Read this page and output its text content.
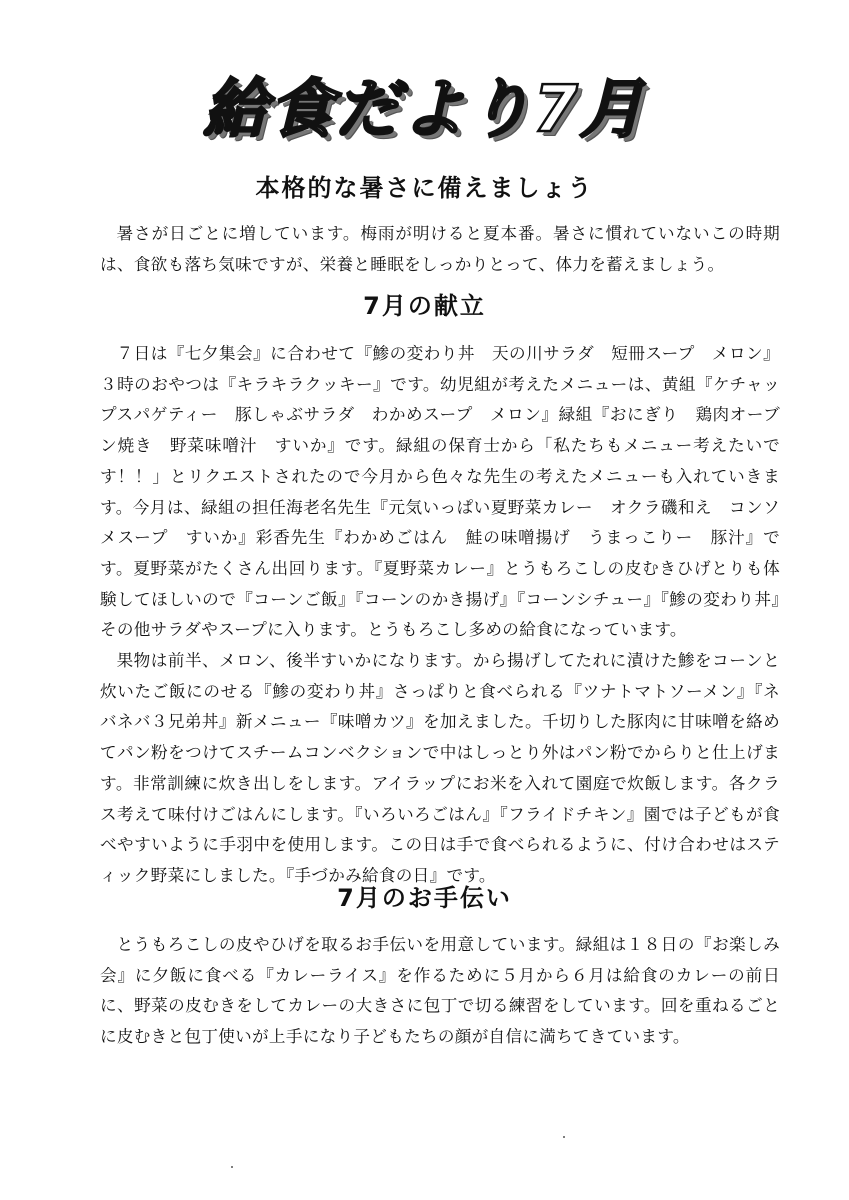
給食だより7月
本格的な暑さに備えましょう

暑さが日ごとに増しています。梅雨が明けると夏本番。暑さに慣れていないこの時期は、食欲も落ち気味ですが、栄養と睡眠をしっかりとって、体力を蓄えましょう。

7月の献立

７日は『七夕集会』に合わせて『鯵の変わり丼　天の川サラダ　短冊スープ　メロン』３時のおやつは『キラキラクッキー』です。幼児組が考えたメニューは、黄組『ケチャップスパゲティー　豚しゃぶサラダ　わかめスープ　メロン』緑組『おにぎり　鶏肉オーブン焼き　野菜味噌汁　すいか』です。緑組の保育士から「私たちもメニュー考えたいです！！」とリクエストされたので今月から色々な先生の考えたメニューも入れていきます。今月は、緑組の担任海老名先生『元気いっぱい夏野菜カレー　オクラ磯和え　コンソメスープ　すいか』彩香先生『わかめごはん　鮭の味噌揚げ　うまっこりー　豚汁』です。夏野菜がたくさん出回ります。『夏野菜カレー』とうもろこしの皮むきひげとりも体験してほしいので『コーンご飯』『コーンのかき揚げ』『コーンシチュー』『鯵の変わり丼』その他サラダやスープに入ります。とうもろこし多めの給食になっています。

果物は前半、メロン、後半すいかになります。から揚げしてたれに漬けた鯵をコーンと炊いたご飯にのせる『鯵の変わり丼』さっぱりと食べられる『ツナトマトソーメン』『ネバネバ３兄弟丼』新メニュー『味噌カツ』を加えました。千切りした豚肉に甘味噌を絡めてパン粉をつけてスチームコンベクションで中はしっとり外はパン粉でからりと仕上げます。非常訓練に炊き出しをします。アイラップにお米を入れて園庭で炊飯します。各クラス考えて味付けごはんにします。『いろいろごはん』『フライドチキン』園では子どもが食べやすいように手羽中を使用します。この日は手で食べられるように、付け合わせはスティック野菜にしました。『手づかみ給食の日』です。

7月のお手伝い

とうもろこしの皮やひげを取るお手伝いを用意しています。緑組は１８日の『お楽しみ会』に夕飯に食べる『カレーライス』を作るために５月から６月は給食のカレーの前日に、野菜の皮むきをしてカレーの大きさに包丁で切る練習をしています。回を重ねるごとに皮むきと包丁使いが上手になり子どもたちの顔が自信に満ちてきています。
